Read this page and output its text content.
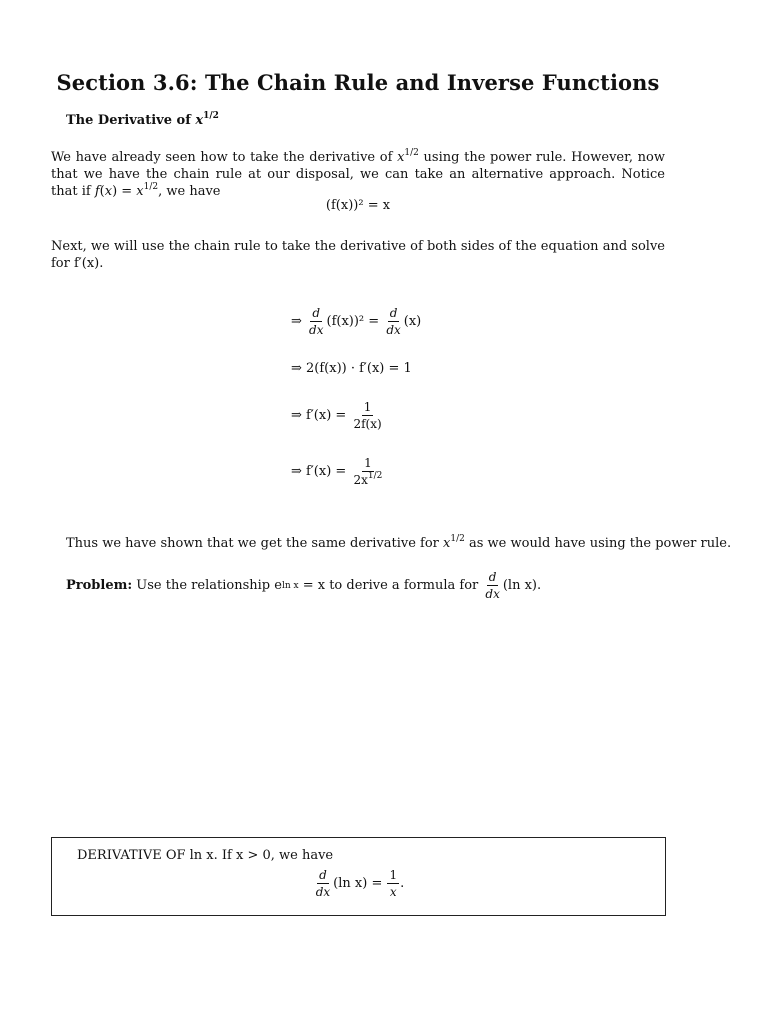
Section 3.6: The Chain Rule and Inverse Functions
The Derivative of $x^{1/2}$
We have already seen how to take the derivative of $x^{1/2}$ using the power rule. However, now that we have the chain rule at our disposal, we can take an alternative approach. Notice that if $f(x) = x^{1/2}$, we have
(f(x))² = x
Next, we will use the chain rule to take the derivative of both sides of the equation and solve for f′(x).
⇒
$\frac{d}{dx} (f(x))^2$ =
$\frac{d}{dx} (x)$
⇒ 2(f(x)) · f′(x) = 1
⇒ f′(x) =
$\frac{1}{2f(x)}$
⇒ f′(x) =
$\frac{1}{2x^{1/2}}$
Thus we have shown that we get the same derivative for $x^{1/2}$ as we would have using the power rule.
Problem:
Use the relationship
e ln x
= x to derive a formula for
$\frac{d}{dx} (\ln$ x).
DERIVATIVE OF ln x. If x > 0, we have
$\frac{d}{dx} (\ln$ x) =
$\frac{1}{x}$ .
